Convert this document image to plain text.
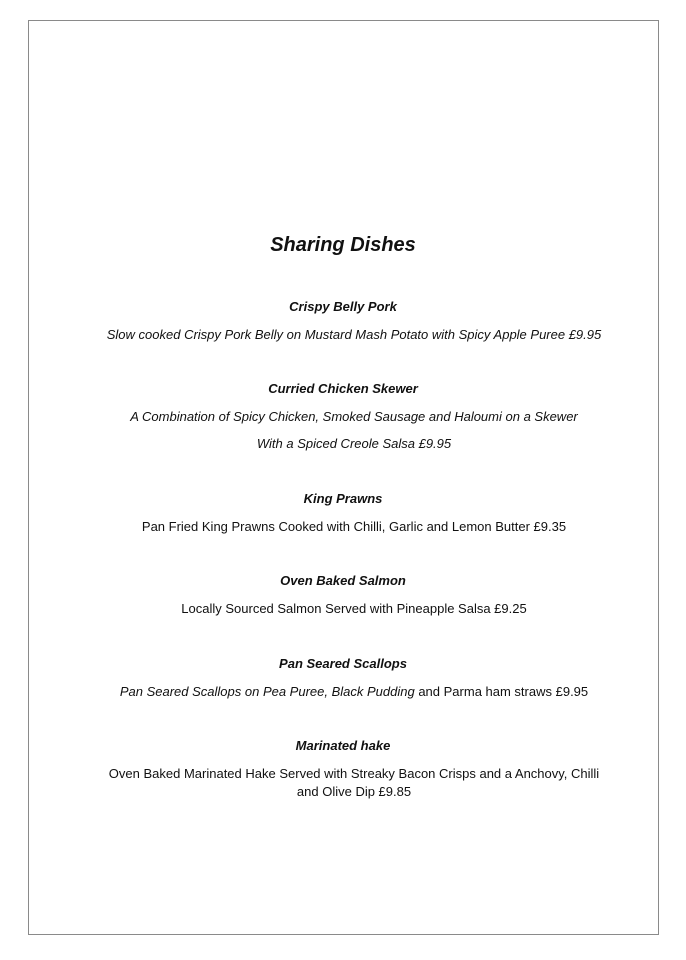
Sharing Dishes

Crispy Belly Pork

Slow cooked Crispy Pork Belly on Mustard Mash Potato with Spicy Apple Puree £9.95

Curried Chicken Skewer

A Combination of Spicy Chicken, Smoked Sausage and Haloumi on a Skewer

With a Spiced Creole Salsa £9.95

King Prawns

Pan Fried King Prawns Cooked with Chilli, Garlic and Lemon Butter £9.35

Oven Baked Salmon

Locally Sourced Salmon Served with Pineapple Salsa £9.25

Pan Seared Scallops

Pan Seared Scallops on Pea Puree, Black Pudding and Parma ham straws £9.95

Marinated hake

Oven Baked Marinated Hake Served with Streaky Bacon Crisps and a Anchovy, Chilli and Olive Dip £9.85
